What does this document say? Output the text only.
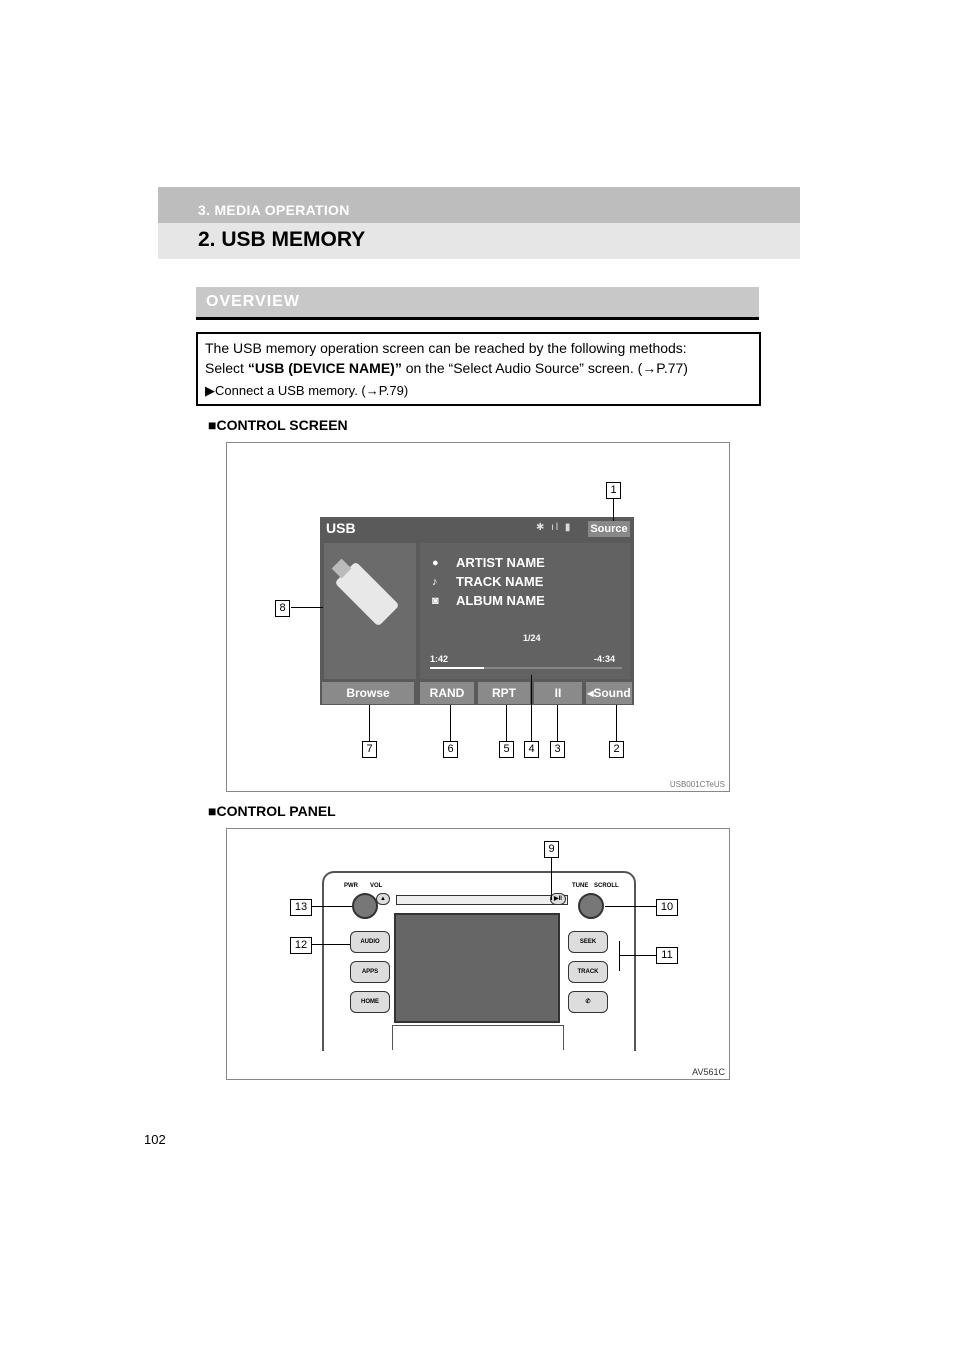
3. MEDIA OPERATION
2. USB MEMORY
OVERVIEW
The USB memory operation screen can be reached by the following methods:
Select “USB (DEVICE NAME)” on the “Select Audio Source” screen. (→P.77)
▶Connect a USB memory. (→P.79)
■CONTROL SCREEN
USB	✱ ıl ▮ Source
● ARTIST NAME
♪ TRACK NAME
◙ ALBUM NAME
1/24
1:42	-4:34
Browse	RAND	RPT	II	◂Sound
1
8
7	6	5	4	3	2
USB001CTeUS
■CONTROL PANEL
PWR VOL	TUNE SCROLL
▲	▶II
AUDIO
APPS
HOME
SEEK
TRACK
✆
9
10
11
13
12
AV561C
102
